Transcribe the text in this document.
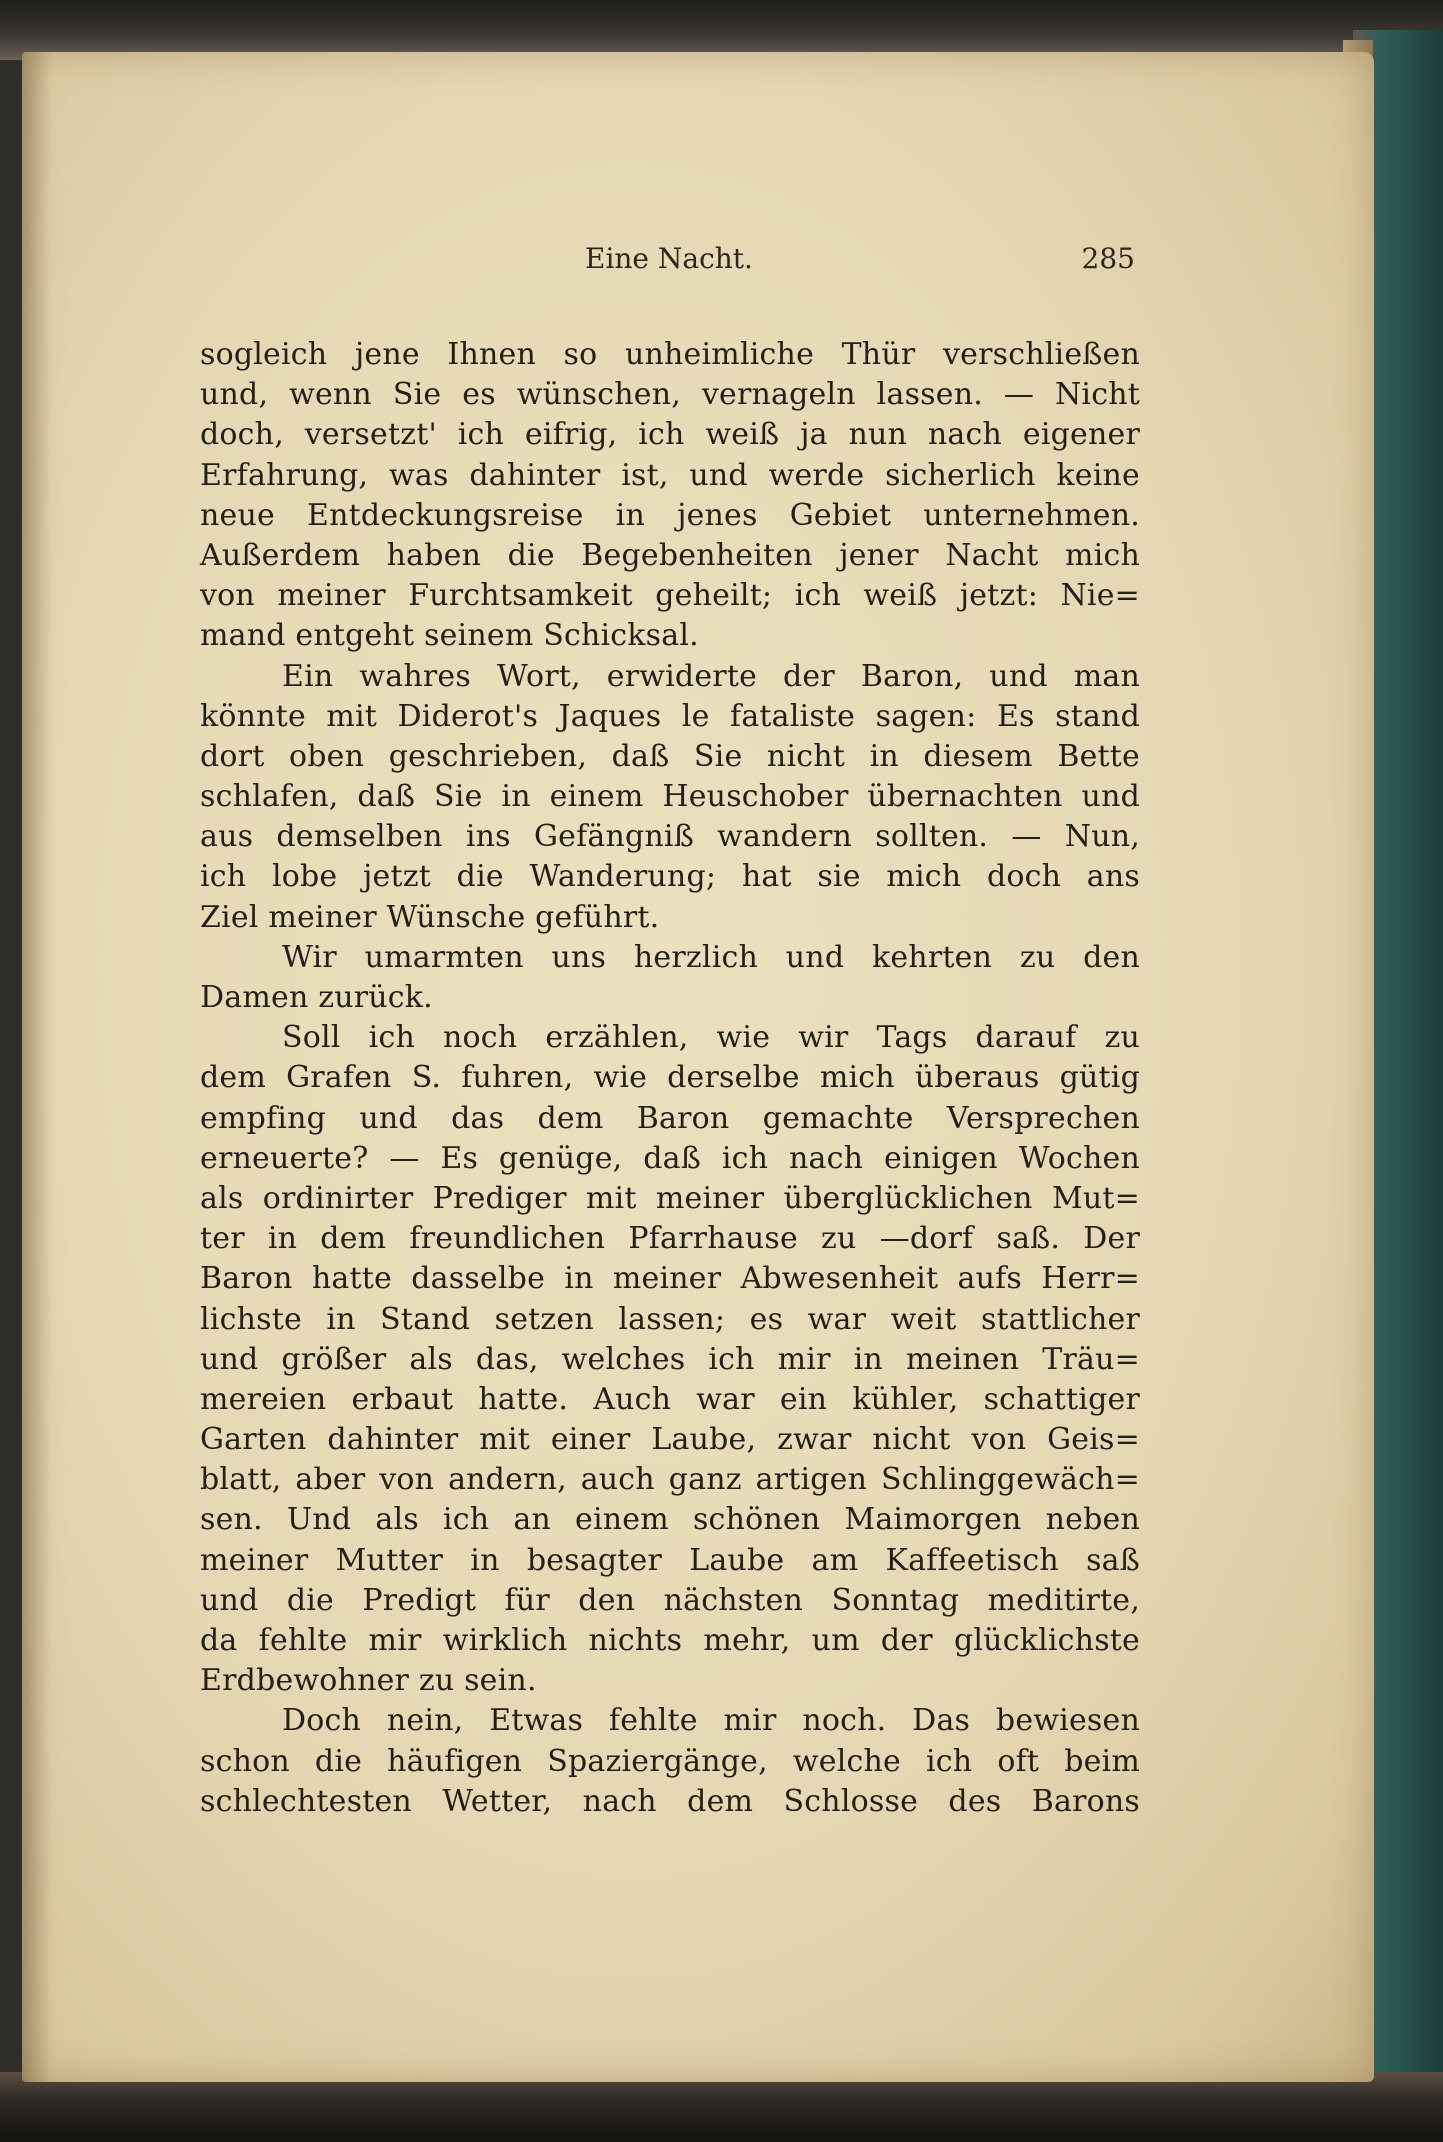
Eine Nacht.	285
sogleich jene Ihnen so unheimliche Thür verschließen
und, wenn Sie es wünschen, vernageln lassen. — Nicht
doch, versetzt' ich eifrig, ich weiß ja nun nach eigener
Erfahrung, was dahinter ist, und werde sicherlich keine
neue Entdeckungsreise in jenes Gebiet unternehmen.
Außerdem haben die Begebenheiten jener Nacht mich
von meiner Furchtsamkeit geheilt; ich weiß jetzt: Nie=
mand entgeht seinem Schicksal.
Ein wahres Wort, erwiderte der Baron, und man
könnte mit Diderot's Jaques le fataliste sagen: Es stand
dort oben geschrieben, daß Sie nicht in diesem Bette
schlafen, daß Sie in einem Heuschober übernachten und
aus demselben ins Gefängniß wandern sollten. — Nun,
ich lobe jetzt die Wanderung; hat sie mich doch ans
Ziel meiner Wünsche geführt.
Wir umarmten uns herzlich und kehrten zu den
Damen zurück.
Soll ich noch erzählen, wie wir Tags darauf zu
dem Grafen S. fuhren, wie derselbe mich überaus gütig
empfing und das dem Baron gemachte Versprechen
erneuerte? — Es genüge, daß ich nach einigen Wochen
als ordinirter Prediger mit meiner überglücklichen Mut=
ter in dem freundlichen Pfarrhause zu —dorf saß. Der
Baron hatte dasselbe in meiner Abwesenheit aufs Herr=
lichste in Stand setzen lassen; es war weit stattlicher
und größer als das, welches ich mir in meinen Träu=
mereien erbaut hatte. Auch war ein kühler, schattiger
Garten dahinter mit einer Laube, zwar nicht von Geis=
blatt, aber von andern, auch ganz artigen Schlinggewäch=
sen. Und als ich an einem schönen Maimorgen neben
meiner Mutter in besagter Laube am Kaffeetisch saß
und die Predigt für den nächsten Sonntag meditirte,
da fehlte mir wirklich nichts mehr, um der glücklichste
Erdbewohner zu sein.
Doch nein, Etwas fehlte mir noch. Das bewiesen
schon die häufigen Spaziergänge, welche ich oft beim
schlechtesten Wetter, nach dem Schlosse des Barons
